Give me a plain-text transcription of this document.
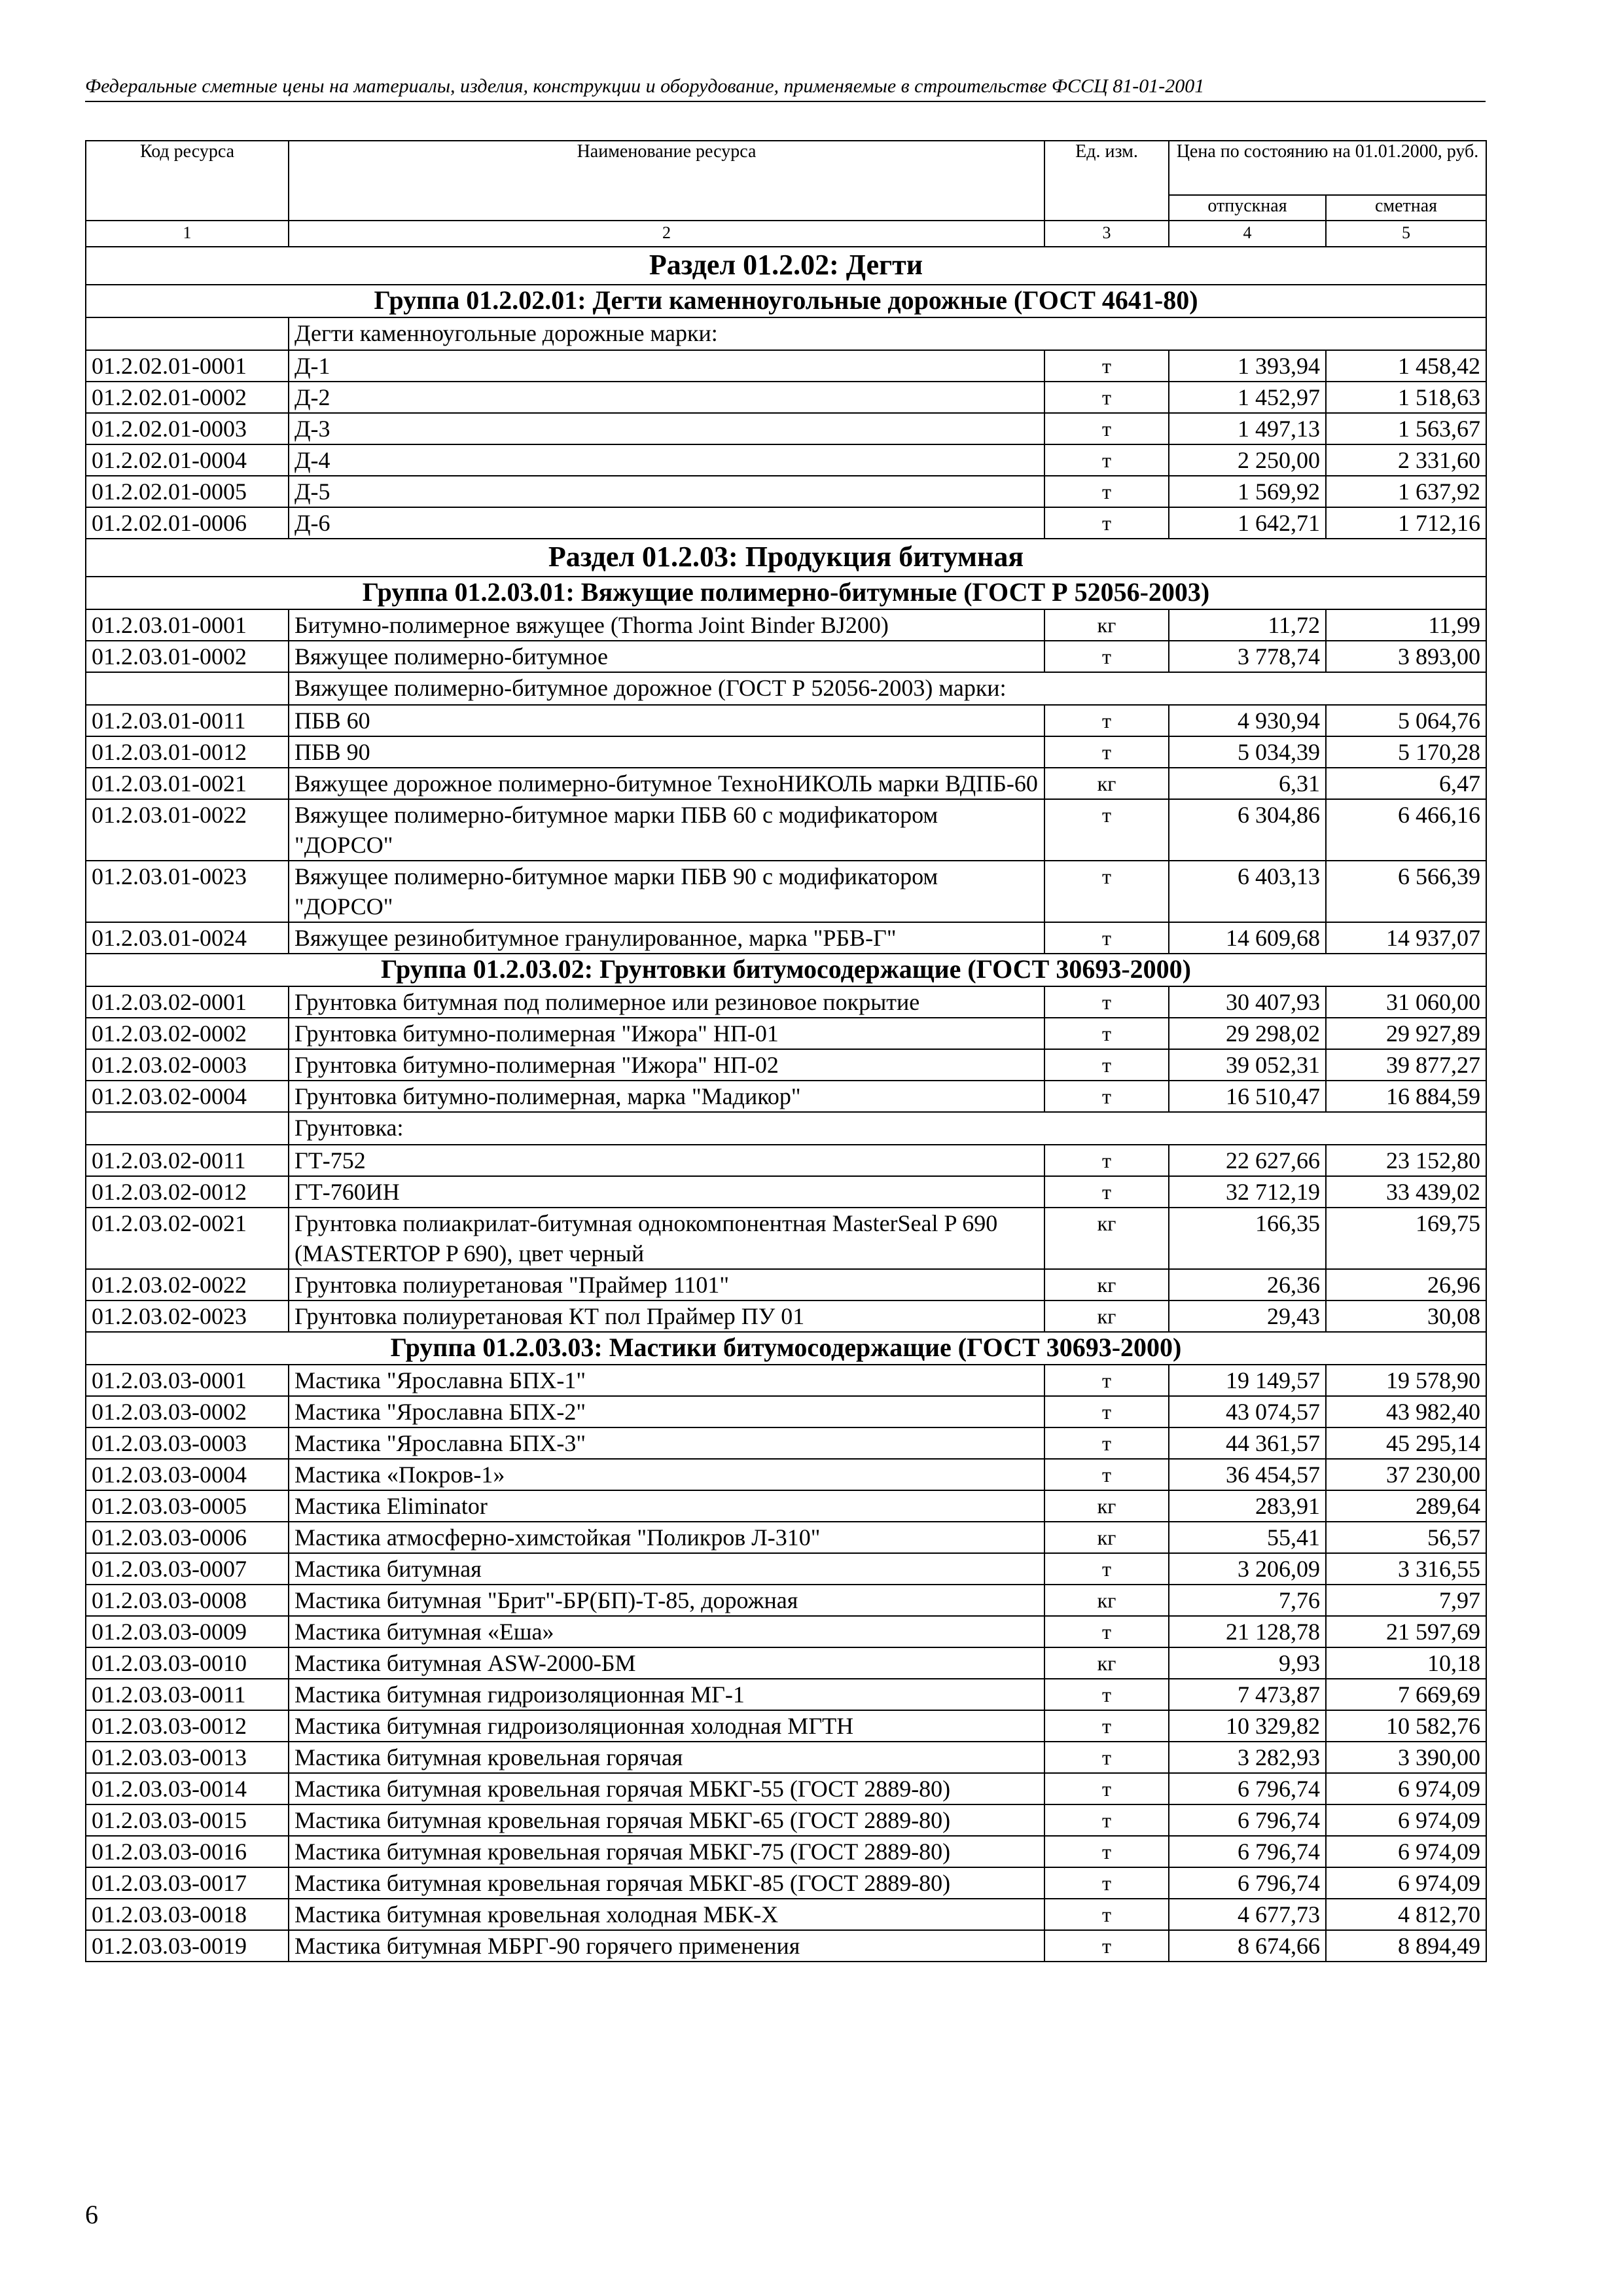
Федеральные сметные цены на материалы, изделия, конструкции и оборудование, применяемые в строительстве ФССЦ 81-01-2001
Код ресурса	Наименование ресурса	Ед. изм.	Цена по состоянию на 01.01.2000, руб.	
			отпускная	сметная
1	2	3	4	5
Раздел 01.2.02: Дегти				
Группа 01.2.02.01: Дегти каменноугольные дорожные (ГОСТ 4641-80)				
	Дегти каменноугольные дорожные марки:			
01.2.02.01-0001	Д-1	т	1 393,94	1 458,42
01.2.02.01-0002	Д-2	т	1 452,97	1 518,63
01.2.02.01-0003	Д-3	т	1 497,13	1 563,67
01.2.02.01-0004	Д-4	т	2 250,00	2 331,60
01.2.02.01-0005	Д-5	т	1 569,92	1 637,92
01.2.02.01-0006	Д-6	т	1 642,71	1 712,16
Раздел 01.2.03: Продукция битумная				
Группа 01.2.03.01: Вяжущие полимерно-битумные (ГОСТ Р 52056-2003)				
01.2.03.01-0001	Битумно-полимерное вяжущее (Thorma Joint Binder BJ200)	кг	11,72	11,99
01.2.03.01-0002	Вяжущее полимерно-битумное	т	3 778,74	3 893,00
	Вяжущее полимерно-битумное дорожное (ГОСТ Р 52056-2003) марки:			
01.2.03.01-0011	ПБВ 60	т	4 930,94	5 064,76
01.2.03.01-0012	ПБВ 90	т	5 034,39	5 170,28
01.2.03.01-0021	Вяжущее дорожное полимерно-битумное ТехноНИКОЛЬ марки ВДПБ-60	кг	6,31	6,47
01.2.03.01-0022	Вяжущее полимерно-битумное марки ПБВ 60 с модификатором "ДОРСО"	т	6 304,86	6 466,16
01.2.03.01-0023	Вяжущее полимерно-битумное марки ПБВ 90 с модификатором "ДОРСО"	т	6 403,13	6 566,39
01.2.03.01-0024	Вяжущее резинобитумное гранулированное, марка "РБВ-Г"	т	14 609,68	14 937,07
Группа 01.2.03.02: Грунтовки битумосодержащие (ГОСТ 30693-2000)				
01.2.03.02-0001	Грунтовка битумная под полимерное или резиновое покрытие	т	30 407,93	31 060,00
01.2.03.02-0002	Грунтовка битумно-полимерная "Ижора" НП-01	т	29 298,02	29 927,89
01.2.03.02-0003	Грунтовка битумно-полимерная "Ижора" НП-02	т	39 052,31	39 877,27
01.2.03.02-0004	Грунтовка битумно-полимерная, марка "Мадикор"	т	16 510,47	16 884,59
	Грунтовка:			
01.2.03.02-0011	ГТ-752	т	22 627,66	23 152,80
01.2.03.02-0012	ГТ-760ИН	т	32 712,19	33 439,02
01.2.03.02-0021	Грунтовка полиакрилат-битумная однокомпонентная MasterSeal P 690 (MASTERTOP P 690), цвет черный	кг	166,35	169,75
01.2.03.02-0022	Грунтовка полиуретановая "Праймер 1101"	кг	26,36	26,96
01.2.03.02-0023	Грунтовка полиуретановая КТ пол Праймер ПУ 01	кг	29,43	30,08
Группа 01.2.03.03: Мастики битумосодержащие (ГОСТ 30693-2000)				
01.2.03.03-0001	Мастика "Ярославна БПХ-1"	т	19 149,57	19 578,90
01.2.03.03-0002	Мастика "Ярославна БПХ-2"	т	43 074,57	43 982,40
01.2.03.03-0003	Мастика "Ярославна БПХ-3"	т	44 361,57	45 295,14
01.2.03.03-0004	Мастика «Покров-1»	т	36 454,57	37 230,00
01.2.03.03-0005	Мастика Eliminator	кг	283,91	289,64
01.2.03.03-0006	Мастика атмосферно-химстойкая "Поликров Л-310"	кг	55,41	56,57
01.2.03.03-0007	Мастика битумная	т	3 206,09	3 316,55
01.2.03.03-0008	Мастика битумная "Брит"-БР(БП)-Т-85, дорожная	кг	7,76	7,97
01.2.03.03-0009	Мастика битумная «Еша»	т	21 128,78	21 597,69
01.2.03.03-0010	Мастика битумная ASW-2000-БМ	кг	9,93	10,18
01.2.03.03-0011	Мастика битумная гидроизоляционная МГ-1	т	7 473,87	7 669,69
01.2.03.03-0012	Мастика битумная гидроизоляционная холодная МГТН	т	10 329,82	10 582,76
01.2.03.03-0013	Мастика битумная кровельная горячая	т	3 282,93	3 390,00
01.2.03.03-0014	Мастика битумная кровельная горячая МБКГ-55 (ГОСТ 2889-80)	т	6 796,74	6 974,09
01.2.03.03-0015	Мастика битумная кровельная горячая МБКГ-65 (ГОСТ 2889-80)	т	6 796,74	6 974,09
01.2.03.03-0016	Мастика битумная кровельная горячая МБКГ-75 (ГОСТ 2889-80)	т	6 796,74	6 974,09
01.2.03.03-0017	Мастика битумная кровельная горячая МБКГ-85 (ГОСТ 2889-80)	т	6 796,74	6 974,09
01.2.03.03-0018	Мастика битумная кровельная холодная МБК-Х	т	4 677,73	4 812,70
01.2.03.03-0019	Мастика битумная МБРГ-90 горячего применения	т	8 674,66	8 894,49
6
